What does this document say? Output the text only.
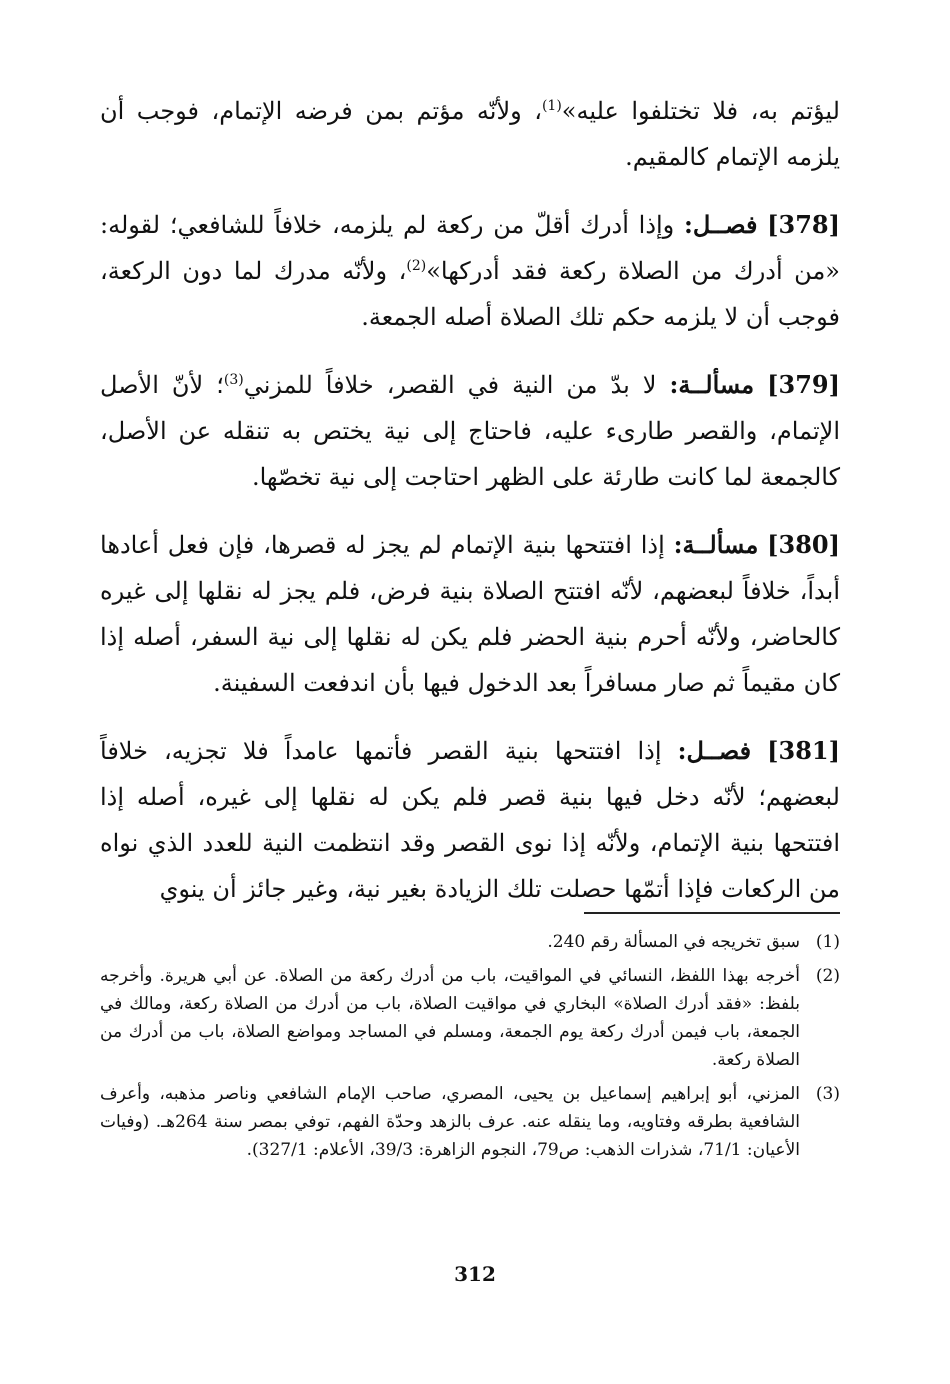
ليؤتم به، فلا تختلفوا عليه»$^{(1)}$، ولأنّه مؤتم بمن فرضه الإتمام، فوجب أن يلزمه الإتمام كالمقيم.

[378] فصــل: وإذا أدرك أقلّ من ركعة لم يلزمه، خلافاً للشافعي؛ لقوله: «من أدرك من الصلاة ركعة فقد أدركها»$^{(2)}$، ولأنّه مدرك لما دون الركعة، فوجب أن لا يلزمه حكم تلك الصلاة أصله الجمعة.

[379] مسألــة: لا بدّ من النية في القصر، خلافاً للمزني$^{(3)}$؛ لأنّ الأصل الإتمام، والقصر طارىء عليه، فاحتاج إلى نية يختص به تنقله عن الأصل، كالجمعة لما كانت طارئة على الظهر احتاجت إلى نية تخصّها.

[380] مسألــة: إذا افتتحها بنية الإتمام لم يجز له قصرها، فإن فعل أعادها أبداً، خلافاً لبعضهم، لأنّه افتتح الصلاة بنية فرض، فلم يجز له نقلها إلى غيره كالحاضر، ولأنّه أحرم بنية الحضر فلم يكن له نقلها إلى نية السفر، أصله إذا كان مقيماً ثم صار مسافراً بعد الدخول فيها بأن اندفعت السفينة.

[381] فصــل: إذا افتتحها بنية القصر فأتمها عامداً فلا تجزيه، خلافاً لبعضهم؛ لأنّه دخل فيها بنية قصر فلم يكن له نقلها إلى غيره، أصله إذا افتتحها بنية الإتمام، ولأنّه إذا نوى القصر وقد انتظمت النية للعدد الذي نواه من الركعات فإذا أتمّها حصلت تلك الزيادة بغير نية، وغير جائز أن ينوي

(1)
سبق تخريجه في المسألة رقم 240.
(2)
أخرجه بهذا اللفظ، النسائي في المواقيت، باب من أدرك ركعة من الصلاة. عن أبي هريرة. وأخرجه بلفظ: «فقد أدرك الصلاة» البخاري في مواقيت الصلاة، باب من أدرك من الصلاة ركعة، ومالك في الجمعة، باب فيمن أدرك ركعة يوم الجمعة، ومسلم في المساجد ومواضع الصلاة، باب من أدرك من الصلاة ركعة.
(3)
المزني، أبو إبراهيم إسماعيل بن يحيى، المصري، صاحب الإمام الشافعي وناصر مذهبه، وأعرف الشافعية بطرقه وفتاويه، وما ينقله عنه. عرف بالزهد وحدّة الفهم، توفي بمصر سنة 264هـ. (وفيات الأعيان: 71/1، شذرات الذهب: ص79، النجوم الزاهرة: 39/3، الأعلام: 327/1).
312
